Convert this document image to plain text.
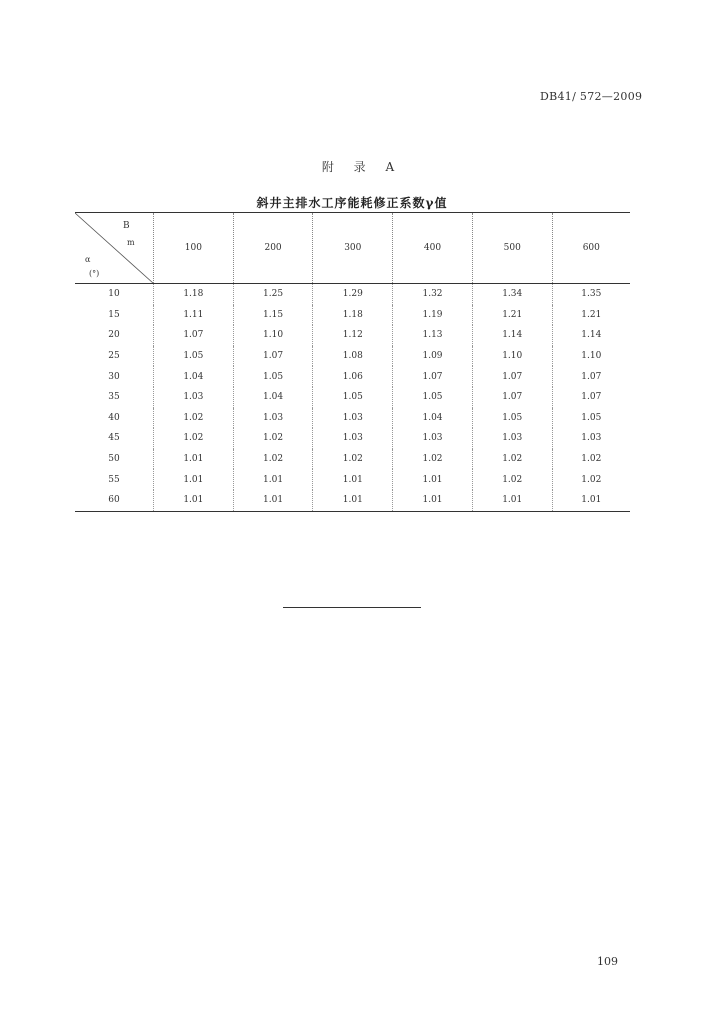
DB41/ 572—2009
附 录 A
斜井主排水工序能耗修正系数γ值
B
m
α
(°)	100	200	300	400	500	600
10	1.18	1.25	1.29	1.32	1.34	1.35
15	1.11	1.15	1.18	1.19	1.21	1.21
20	1.07	1.10	1.12	1.13	1.14	1.14
25	1.05	1.07	1.08	1.09	1.10	1.10
30	1.04	1.05	1.06	1.07	1.07	1.07
35	1.03	1.04	1.05	1.05	1.07	1.07
40	1.02	1.03	1.03	1.04	1.05	1.05
45	1.02	1.02	1.03	1.03	1.03	1.03
50	1.01	1.02	1.02	1.02	1.02	1.02
55	1.01	1.01	1.01	1.01	1.02	1.02
60	1.01	1.01	1.01	1.01	1.01	1.01
109
